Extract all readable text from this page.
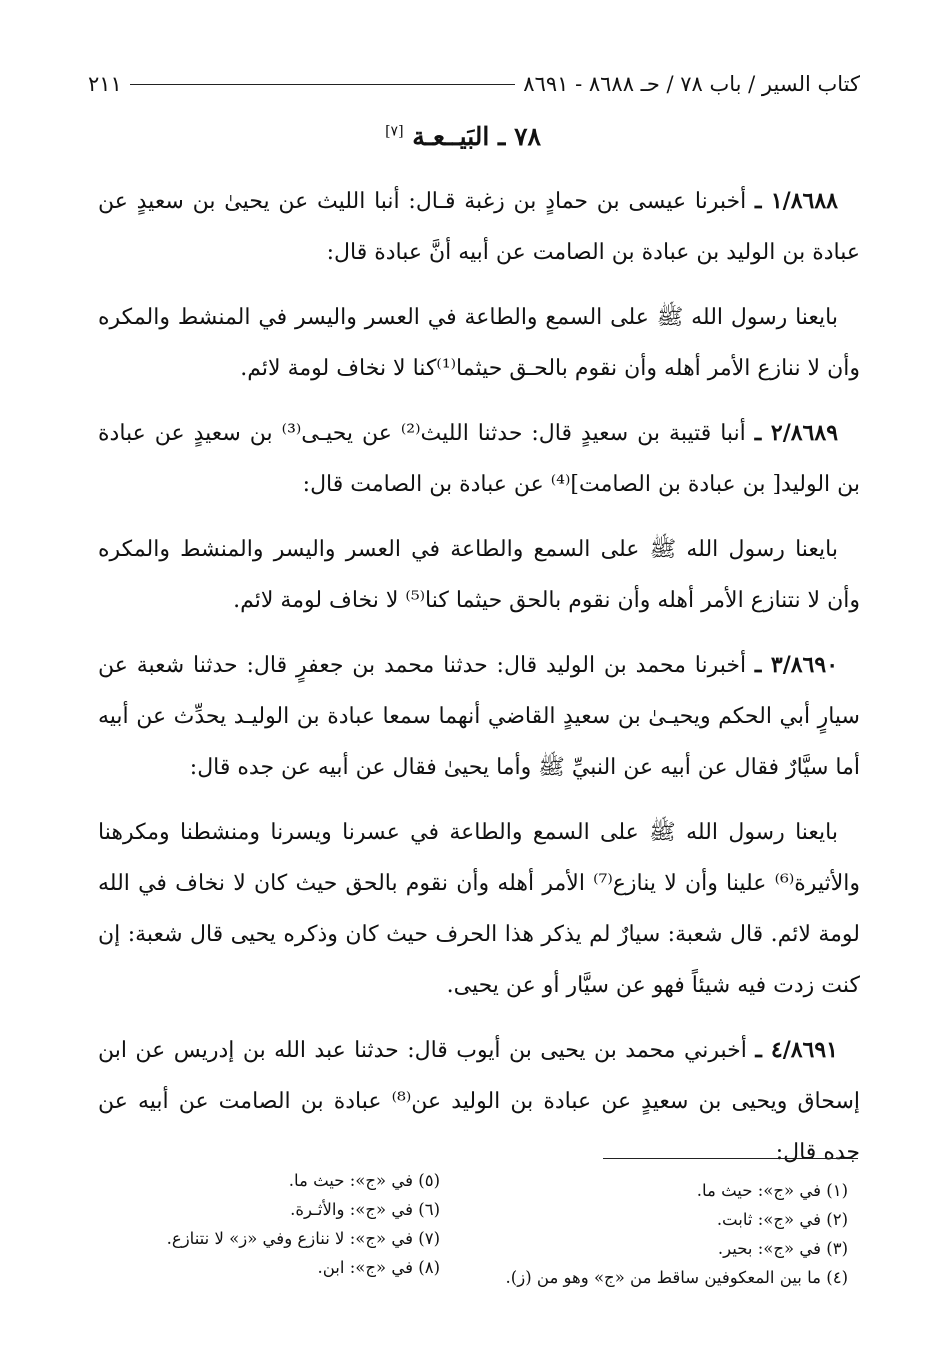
كتاب السير / باب ٧٨ / حـ ٨٦٨٨ - ٨٦٩١
٢١١
٧٨ ـ البَيــعـة [٧]

١/٨٦٨٨ ـ أخبرنا عيسى بن حمادٍ بن زغبة قـال: أنبا الليث عن يحيىٰ بن سعيدٍ عن عبادة بن الوليد بن عبادة بن الصامت عن أبيه أنَّ عبادة قال:

بايعنا رسول الله ﷺ على السمع والطاعة في العسر واليسر في المنشط والمكره وأن لا ننازع الأمر أهله وأن نقوم بالحـق حيثما⁽¹⁾كنا لا نخاف لومة لائم.

٢/٨٦٨٩ ـ أنبا قتيبة بن سعيدٍ قال: حدثنا الليث⁽²⁾ عن يحيـى⁽³⁾ بن سعيدٍ عن عبادة بن الوليد[ بن عبادة بن الصامت]⁽⁴⁾ عن عبادة بن الصامت قال:

بايعنا رسول الله ﷺ على السمع والطاعة في العسر واليسر والمنشط والمكره وأن لا نتنازع الأمر أهله وأن نقوم بالحق حيثما كنا⁽⁵⁾ لا نخاف لومة لائم.

٣/٨٦٩٠ ـ أخبرنا محمد بن الوليد قال: حدثنا محمد بن جعفرٍ قال: حدثنا شعبة عن سيارٍ أبي الحكم ويحيـىٰ بن سعيدٍ القاضي أنهما سمعا عبادة بن الوليـد يحدِّث عن أبيه أما سيَّارٌ فقال عن أبيه عن النبيِّ ﷺ وأما يحيىٰ فقال عن أبيه عن جده قال:

بايعنا رسول الله ﷺ على السمع والطاعة في عسرنا ويسرنا ومنشطنا ومكرهنا والأثيرة⁽⁶⁾ علينا وأن لا ينازع⁽⁷⁾ الأمر أهله وأن نقوم بالحق حيث كان لا نخاف في الله لومة لائم. قال شعبة: سيارٌ لم يذكر هذا الحرف حيث كان وذكره يحيى قال شعبة: إن كنت زدت فيه شيئاً فهو عن سيَّار أو عن يحيى.

٤/٨٦٩١ ـ أخبرني محمد بن يحيى بن أيوب قال: حدثنا عبد الله بن إدريس عن ابن إسحاق ويحيى بن سعيدٍ عن عبادة بن الوليد عن⁽⁸⁾ عبادة بن الصامت عن أبيه عن جده قال:

(١) في «ج»: حيث ما.
(٢) في «ج»: ثابت.
(٣) في «ج»: بحير.
(٤) ما بين المعكوفين ساقط من «ج» وهو من (ز).
(٥) في «ج»: حيث ما.
(٦) في «ج»: والأثـرة.
(٧) في «ج»: لا ننازع وفي «ز» لا نتنازع.
(٨) في «ج»: ابن.
